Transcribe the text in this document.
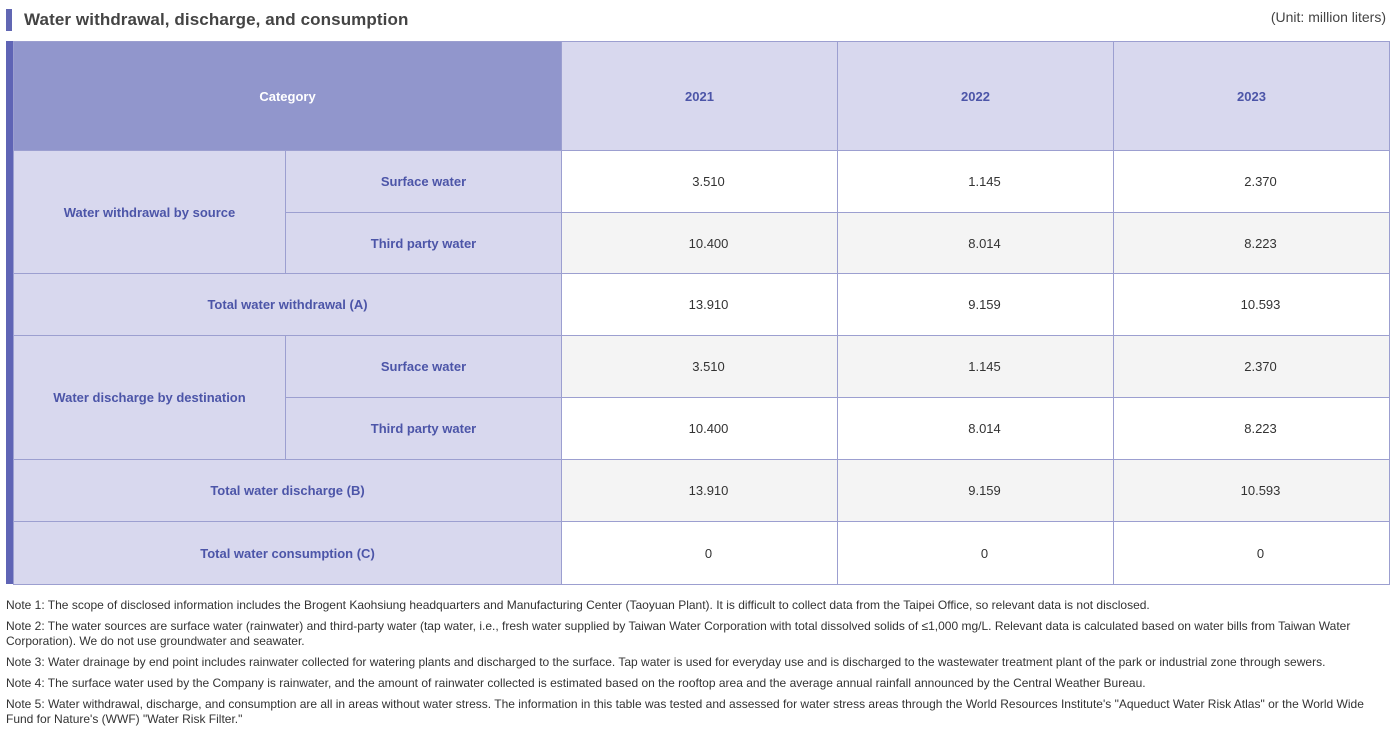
Water withdrawal, discharge, and consumption	(Unit: million liters)
Category		2021	2022	2023
Water withdrawal by source	Surface water	3.510	1.145	2.370
	Third party water	10.400	8.014	8.223
Total water withdrawal (A)		13.910	9.159	10.593
Water discharge by destination	Surface water	3.510	1.145	2.370
	Third party water	10.400	8.014	8.223
Total water discharge (B)		13.910	9.159	10.593
Total water consumption (C)		0	0	0

Note 1: The scope of disclosed information includes the Brogent Kaohsiung headquarters and Manufacturing Center (Taoyuan Plant). It is difficult to collect data from the Taipei Office, so relevant data is not disclosed.

Note 2: The water sources are surface water (rainwater) and third-party water (tap water, i.e., fresh water supplied by Taiwan Water Corporation with total dissolved solids of ≤1,000 mg/L. Relevant data is calculated based on water bills from Taiwan Water Corporation). We do not use groundwater and seawater.

Note 3: Water drainage by end point includes rainwater collected for watering plants and discharged to the surface. Tap water is used for everyday use and is discharged to the wastewater treatment plant of the park or industrial zone through sewers.

Note 4: The surface water used by the Company is rainwater, and the amount of rainwater collected is estimated based on the rooftop area and the average annual rainfall announced by the Central Weather Bureau.

Note 5: Water withdrawal, discharge, and consumption are all in areas without water stress. The information in this table was tested and assessed for water stress areas through the World Resources Institute's "Aqueduct Water Risk Atlas" or the World Wide Fund for Nature's (WWF) "Water Risk Filter."
